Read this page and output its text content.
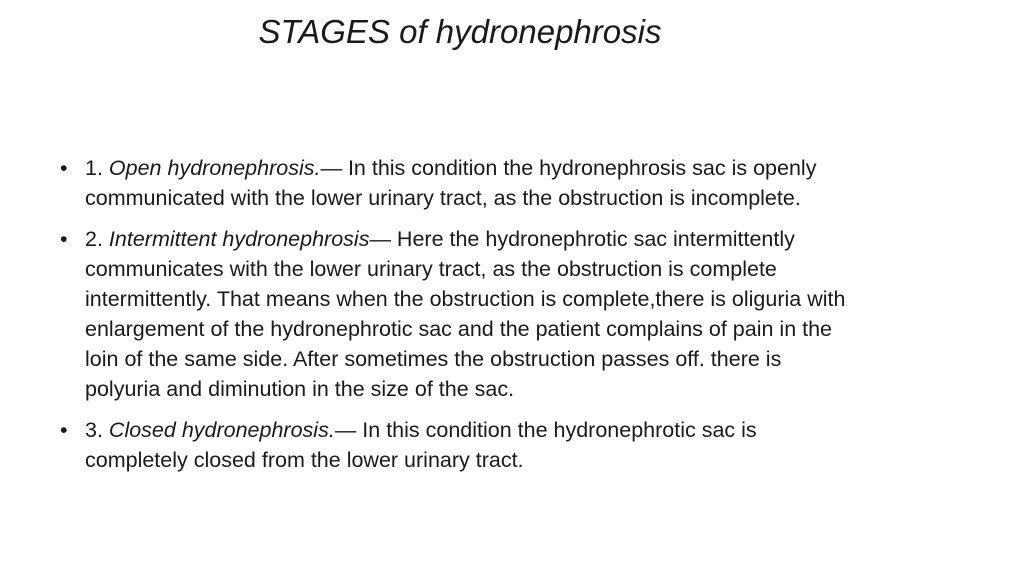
STAGES of hydronephrosis
• 1. Open hydronephrosis.— In this condition the hydronephrosis sac is openly communicated with the lower urinary tract, as the obstruction is incomplete.
• 2. Intermittent hydronephrosis— Here the hydronephrotic sac intermittently communicates with the lower urinary tract, as the obstruction is complete intermittently. That means when the obstruction is complete,there is oliguria with enlargement of the hydronephrotic sac and the patient complains of pain in the loin of the same side. After sometimes the obstruction passes off. there is polyuria and diminution in the size of the sac.
• 3. Closed hydronephrosis.— In this condition the hydronephrotic sac is completely closed from the lower urinary tract.
